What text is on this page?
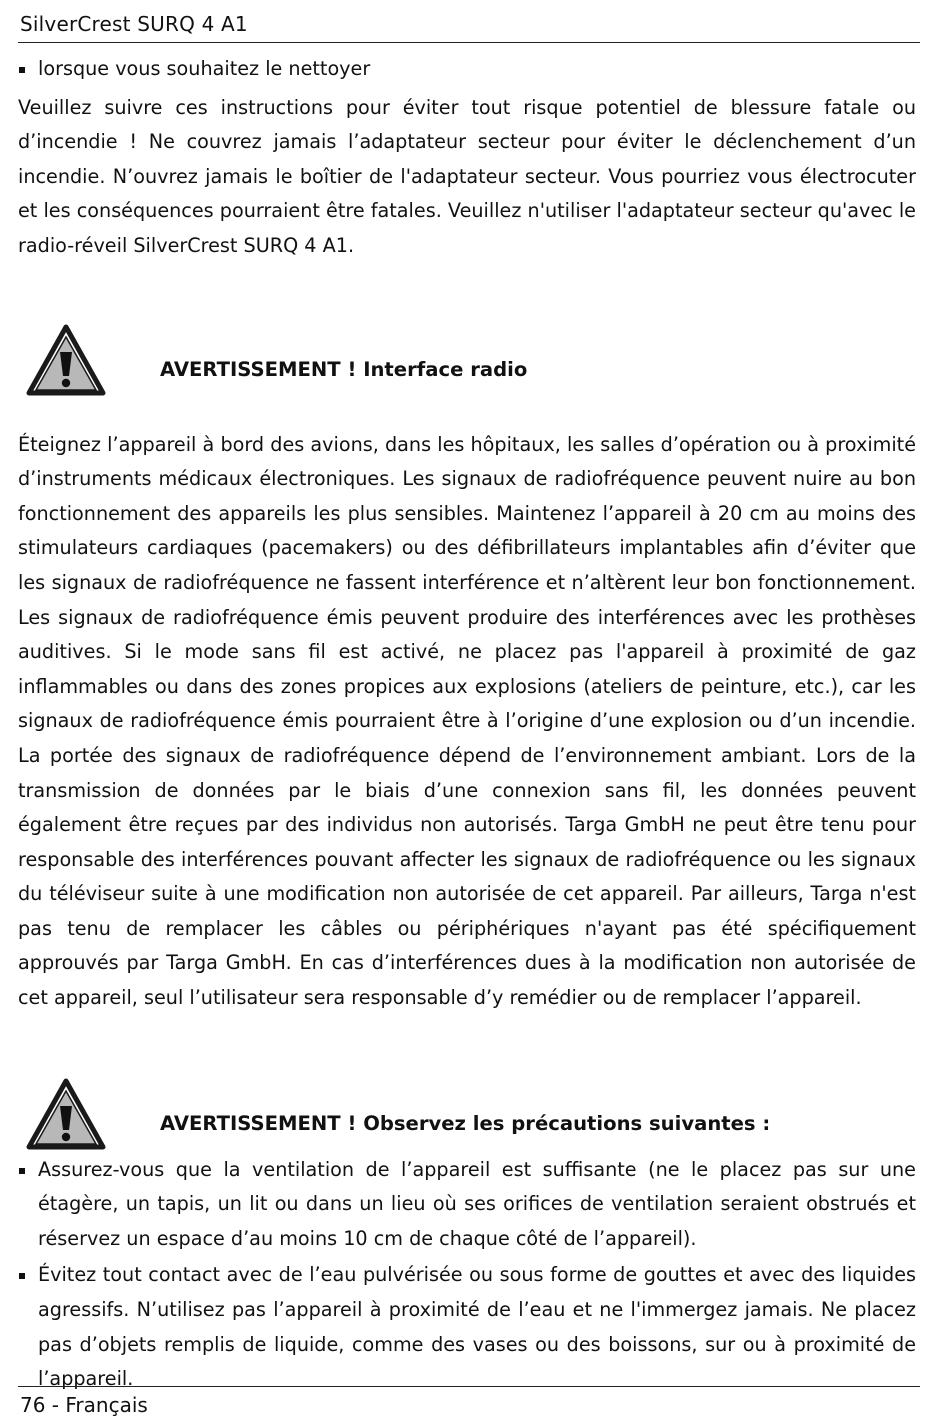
SilverCrest SURQ 4 A1
lorsque vous souhaitez le nettoyer
Veuillez suivre ces instructions pour éviter tout risque potentiel de blessure fatale ou d’incendie ! Ne couvrez jamais l’adaptateur secteur pour éviter le déclenchement d’un incendie. N’ouvrez jamais le boîtier de l'adaptateur secteur. Vous pourriez vous électrocuter et les conséquences pourraient être fatales. Veuillez n'utiliser l'adaptateur secteur qu'avec le radio-réveil SilverCrest SURQ 4 A1.
AVERTISSEMENT ! Interface radio
Éteignez l’appareil à bord des avions, dans les hôpitaux, les salles d’opération ou à proximité d’instruments médicaux électroniques. Les signaux de radiofréquence peuvent nuire au bon fonctionnement des appareils les plus sensibles. Maintenez l’appareil à 20 cm au moins des stimulateurs cardiaques (pacemakers) ou des défibrillateurs implantables afin d’éviter que les signaux de radiofréquence ne fassent interférence et n’altèrent leur bon fonctionnement. Les signaux de radiofréquence émis peuvent produire des interférences avec les prothèses auditives. Si le mode sans fil est activé, ne placez pas l'appareil à proximité de gaz inflammables ou dans des zones propices aux explosions (ateliers de peinture, etc.), car les signaux de radiofréquence émis pourraient être à l’origine d’une explosion ou d’un incendie. La portée des signaux de radiofréquence dépend de l’environnement ambiant. Lors de la transmission de données par le biais d’une connexion sans fil, les données peuvent également être reçues par des individus non autorisés. Targa GmbH ne peut être tenu pour responsable des interférences pouvant affecter les signaux de radiofréquence ou les signaux du téléviseur suite à une modification non autorisée de cet appareil. Par ailleurs, Targa n'est pas tenu de remplacer les câbles ou périphériques n'ayant pas été spécifiquement approuvés par Targa GmbH. En cas d’interférences dues à la modification non autorisée de cet appareil, seul l’utilisateur sera responsable d’y remédier ou de remplacer l’appareil.
AVERTISSEMENT ! Observez les précautions suivantes :
Assurez-vous que la ventilation de l’appareil est suffisante (ne le placez pas sur une étagère, un tapis, un lit ou dans un lieu où ses orifices de ventilation seraient obstrués et réservez un espace d’au moins 10 cm de chaque côté de l’appareil).
Évitez tout contact avec de l’eau pulvérisée ou sous forme de gouttes et avec des liquides agressifs. N’utilisez pas l’appareil à proximité de l’eau et ne l'immergez jamais. Ne placez pas d’objets remplis de liquide, comme des vases ou des boissons, sur ou à proximité de l’appareil.
76 - Français
